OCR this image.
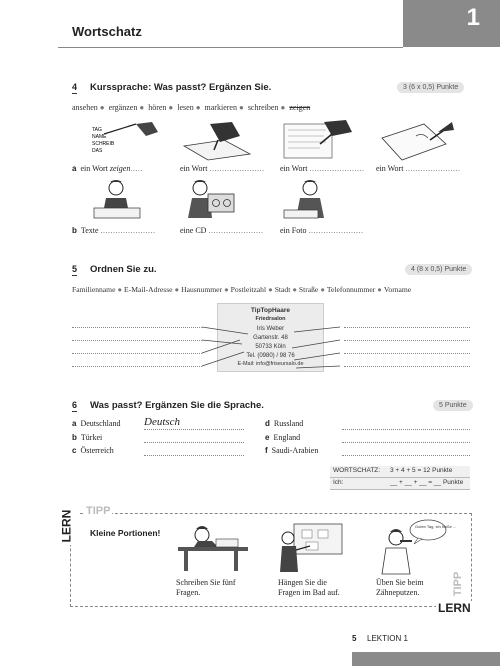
Wortschatz
1
4 Kurssprache: Was passt? Ergänzen Sie.	3 (6 x 0,5) Punkte
ansehen ● ergänzen ● hören ● lesen ● markieren ● schreiben ● zeigen
TAG
NAME
SCHREIB
DAS
a ein Wort zeigen.....	ein Wort ...................... ein Wort ...................... ein Wort ......................
b Texte ......................	eine CD ...................... ein Foto ......................
5 Ordnen Sie zu.	4 (8 x 0,5) Punkte
Familienname ● E-Mail-Adresse ● Hausnummer ● Postleitzahl ● Stadt ● Straße ● Telefonnummer ● Vorname
TipTopHaare
Friedrsalon
Iris Weber
Gartenstr. 48
50733 Köln
Tel. (0980) / 98 76
E-Mail: info@friseursalo.de
6 Was passt? Ergänzen Sie die Sprache.	5 Punkte
a Deutschland Deutsch
b Türkei
c Österreich
d Russland
e England
f Saudi-Arabien
WORTSCHATZ: 3 + 4 + 5 = 12 Punkte
Ich:	__ + __ + __ = __ Punkte
LERN TIPP
Kleine Portionen!
Guten Tag, ich heiße ...
Schreiben Sie fünf
Fragen.
Hängen Sie die
Fragen im Bad auf.
Üben Sie beim
Zähneputzen.	TIPP
LERN
5 LEKTION 1
